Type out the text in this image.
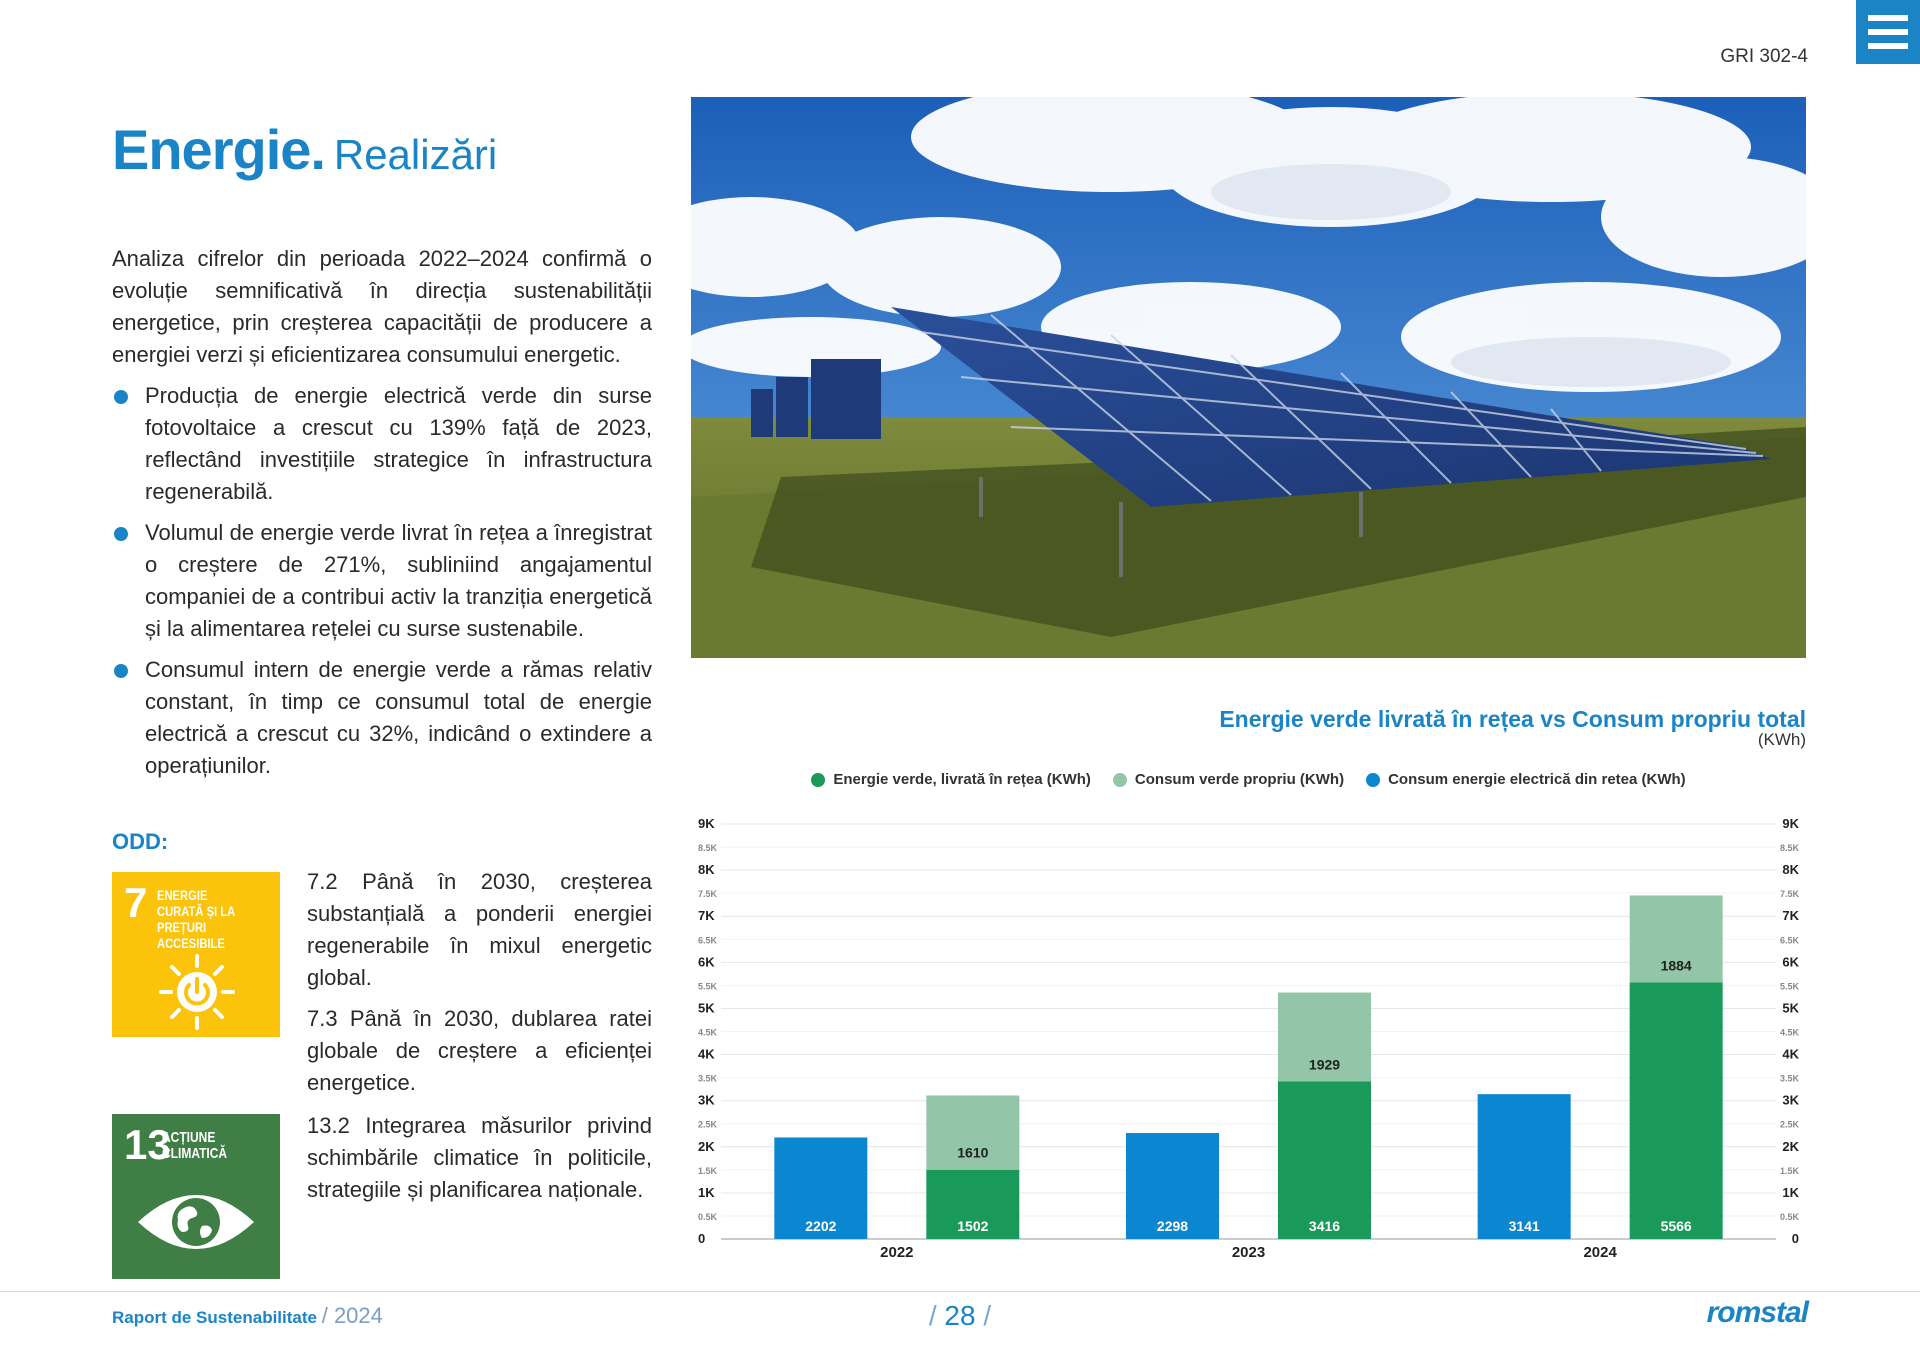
GRI 302-4
Energie. Realizări

Analiza cifrelor din perioada 2022–2024 confirmă o evoluție semnificativă în direcția sustenabilității energetice, prin creșterea capacității de producere a energiei verzi și eficientizarea consumului energetic.

Producția de energie electrică verde din surse fotovoltaice a crescut cu 139% față de 2023, reflectând investițiile strategice în infrastructura regenerabilă.
Volumul de energie verde livrat în rețea a înregistrat o creștere de 271%, subliniind angajamentul companiei de a contribui activ la tranziția energetică și la alimentarea rețelei cu surse sustenabile.
Consumul intern de energie verde a rămas relativ constant, în timp ce consumul total de energie electrică a crescut cu 32%, indicând o extindere a operațiunilor.
ODD:
7 ENERGIE CURATĂ ȘI LA PREȚURI ACCESIBILE
13
ACȚIUNE CLIMATICĂ

7.2 Până în 2030, creșterea substanțială a ponderii energiei regenerabile în mixul energetic global.

7.3 Până în 2030, dublarea ratei globale de creștere a eficienței energetice.

13.2 Integrarea măsurilor privind schimbările climatice în politicile, strategiile și planificarea naționale.

Energie verde livrată în rețea vs Consum propriu total
(KWh)
Energie verde, livrată în rețea (KWh)	Consum verde propriu (KWh)	Consum energie electrică din retea (KWh)
0	0
0.5K	0.5K
1K	1K
1.5K	1.5K
2K	2K
2.5K	2.5K
3K	3K
3.5K	3.5K
4K	4K
4.5K	4.5K
5K	5K
5.5K	5.5K
6K	6K
6.5K	6.5K
7K	7K
7.5K	7.5K
8K	8K
8.5K	8.5K
9K	9K
2202	1502
1610
2022
2298	3416
1929
2023
3141	5566
1884
2024
Raport de Sustenabilitate / 2024	/ 28 /	romstal
